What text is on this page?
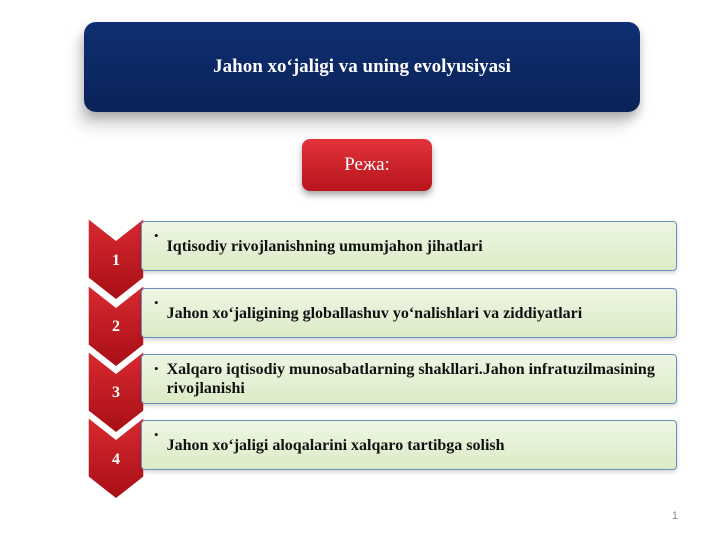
Jahon xo‘jaligi va uning evolyusiyasi
Режа:
1
•
Iqtisodiy rivojlanishning umumjahon jihatlari
2
•
Jahon xo‘jaligining globallashuv yo‘nalishlari va ziddiyatlari
3
• Xalqaro iqtisodiy munosabatlarning shakllari.Jahon infratuzilmasining rivojlanishi
4
•
Jahon xo‘jaligi aloqalarini xalqaro tartibga solish
1
